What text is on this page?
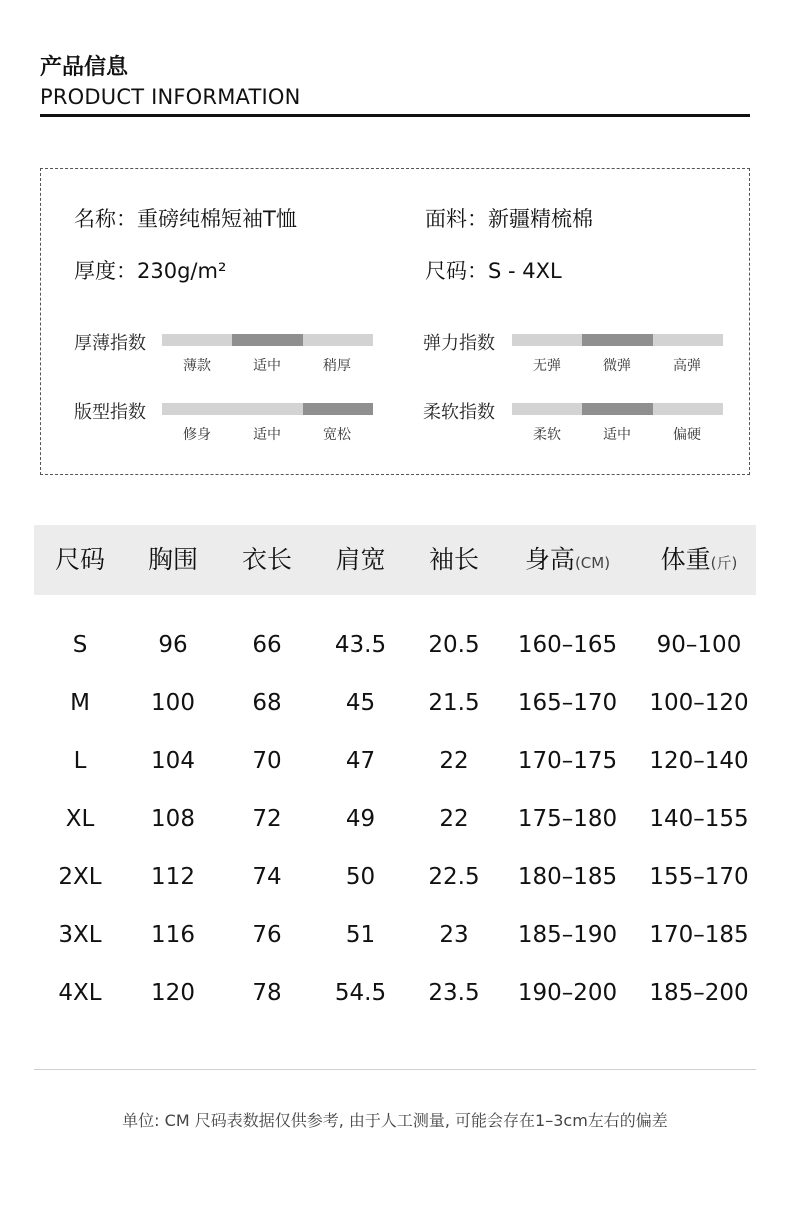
产品信息
PRODUCT INFORMATION
名称：重磅纯棉短袖T恤	面料：新疆精梳棉
厚度：230g/m²	尺码：S - 4XL
厚薄指数
薄款	适中	稍厚
弹力指数
无弹	微弹	高弹
版型指数
修身	适中	宽松
柔软指数
柔软	适中	偏硬
尺码	胸围	衣长	肩宽	袖长	身高(CM)	体重(斤)
S	96	66	43.5	20.5	160–165	90–100
M	100	68	45	21.5	165–170	100–120
L	104	70	47	22	170–175	120–140
XL	108	72	49	22	175–180	140–155
2XL	112	74	50	22.5	180–185	155–170
3XL	116	76	51	23	185–190	170–185
4XL	120	78	54.5	23.5	190–200	185–200
单位: CM 尺码表数据仅供参考, 由于人工测量, 可能会存在1–3cm左右的偏差
